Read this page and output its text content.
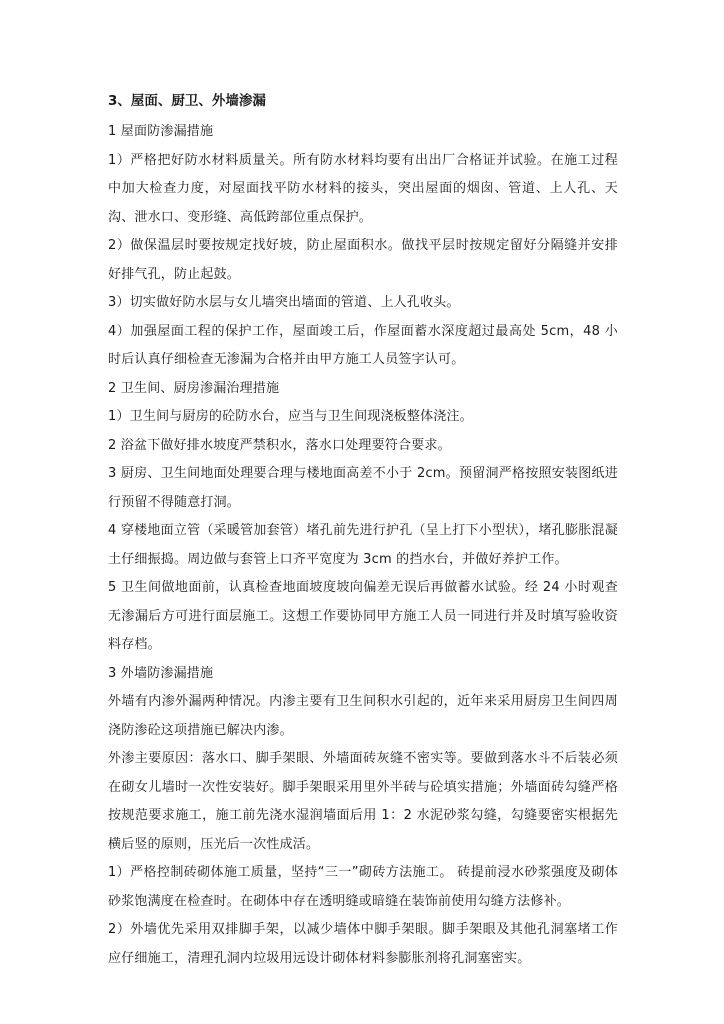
3、屋面、厨卫、外墙渗漏

1 屋面防渗漏措施

1）严格把好防水材料质量关。所有防水材料均要有出出厂合格证并试验。在施工过程中加大检查力度，对屋面找平防水材料的接头，突出屋面的烟囱、管道、上人孔、天沟、泄水口、变形缝、高低跨部位重点保护。

2）做保温层时要按规定找好坡，防止屋面积水。做找平层时按规定留好分隔缝并安排好排气孔，防止起鼓。

3）切实做好防水层与女儿墙突出墙面的管道、上人孔收头。

4）加强屋面工程的保护工作，屋面竣工后，作屋面蓄水深度超过最高处 5cm，48 小时后认真仔细检查无渗漏为合格并由甲方施工人员签字认可。

2 卫生间、厨房渗漏治理措施

1）卫生间与厨房的砼防水台，应当与卫生间现浇板整体浇注。

2 浴盆下做好排水坡度严禁积水，落水口处理要符合要求。

3 厨房、卫生间地面处理要合理与楼地面高差不小于 2cm。预留洞严格按照安装图纸进行预留不得随意打洞。

4 穿楼地面立管（采暖管加套管）堵孔前先进行护孔（呈上打下小型状），堵孔膨胀混凝土仔细振捣。周边做与套管上口齐平宽度为 3cm 的挡水台，并做好养护工作。

5 卫生间做地面前，认真检查地面坡度坡向偏差无误后再做蓄水试验。经 24 小时观查无渗漏后方可进行面层施工。这想工作要协同甲方施工人员一同进行并及时填写验收资料存档。

3 外墙防渗漏措施

外墙有内渗外漏两种情况。内渗主要有卫生间积水引起的，近年来采用厨房卫生间四周浇防渗砼这项措施已解决内渗。

外渗主要原因：落水口、脚手架眼、外墙面砖灰缝不密实等。要做到落水斗不后装必须在砌女儿墙时一次性安装好。脚手架眼采用里外半砖与砼填实措施；外墙面砖勾缝严格按规范要求施工，施工前先浇水湿润墙面后用 1：2 水泥砂浆勾缝，勾缝要密实根据先横后竖的原则，压光后一次性成活。

1）严格控制砖砌体施工质量，坚持“三一”砌砖方法施工。 砖提前浸水砂浆强度及砌体砂浆饱满度在检查时。在砌体中存在透明缝或暗缝在装饰前使用勾缝方法修补。

2）外墙优先采用双排脚手架，以减少墙体中脚手架眼。脚手架眼及其他孔洞塞堵工作应仔细施工，清理孔洞内垃圾用远设计砌体材料参膨胀剂将孔洞塞密实。
